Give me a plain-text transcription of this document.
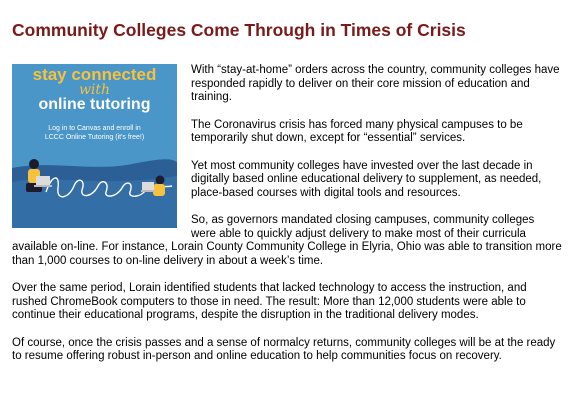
Community Colleges Come Through in Times of Crisis
stay connected
with
online tutoring
Log in to Canvas and enroll in
LCCC Online Tutoring (it's free!)

With “stay-at-home” orders across the country, community colleges have responded rapidly to deliver on their core mission of education and training.

The Coronavirus crisis has forced many physical campuses to be temporarily shut down, except for “essential” services.

Yet most community colleges have invested over the last decade in digitally based online educational delivery to supplement, as needed, place-based courses with digital tools and resources.

So, as governors mandated closing campuses, community colleges were able to quickly adjust delivery to make most of their curricula available on-line. For instance, Lorain County Community College in Elyria, Ohio was able to transition more than 1,000 courses to on-line delivery in about a week’s time.

Over the same period, Lorain identified students that lacked technology to access the instruction, and rushed ChromeBook computers to those in need. The result: More than 12,000 students were able to continue their educational programs, despite the disruption in the traditional delivery modes.

Of course, once the crisis passes and a sense of normalcy returns, community colleges will be at the ready to resume offering robust in-person and online education to help communities focus on recovery.
